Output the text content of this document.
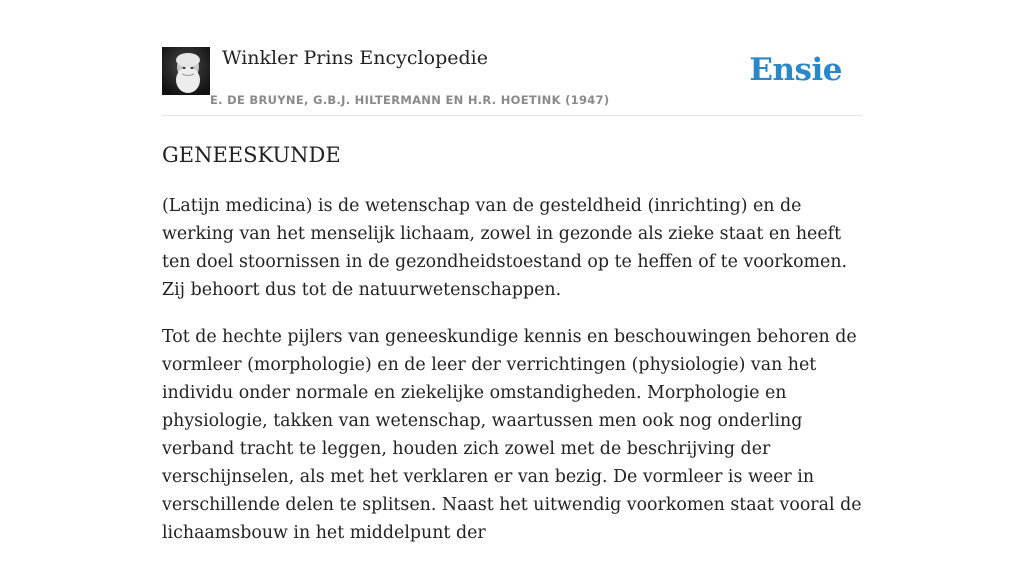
Winkler Prins Encyclopedie
E. DE BRUYNE, G.B.J. HILTERMANN EN H.R. HOETINK (1947)
Ensie
GENEESKUNDE

(Latijn medicina) is de wetenschap van de gesteldheid (inrichting) en de werking van het menselijk lichaam, zowel in gezonde als zieke staat en heeft ten doel stoornissen in de gezondheidstoestand op te heffen of te voorkomen. Zij behoort dus tot de natuurwetenschappen.

Tot de hechte pijlers van geneeskundige kennis en beschouwingen behoren de vormleer (morphologie) en de leer der verrichtingen (physiologie) van het individu onder normale en ziekelijke omstandigheden. Morphologie en physiologie, takken van wetenschap, waartussen men ook nog onderling verband tracht te leggen, houden zich zowel met de beschrijving der verschijnselen, als met het verklaren er van bezig. De vormleer is weer in verschillende delen te splitsen. Naast het uitwendig voorkomen staat vooral de lichaamsbouw in het middelpunt der
